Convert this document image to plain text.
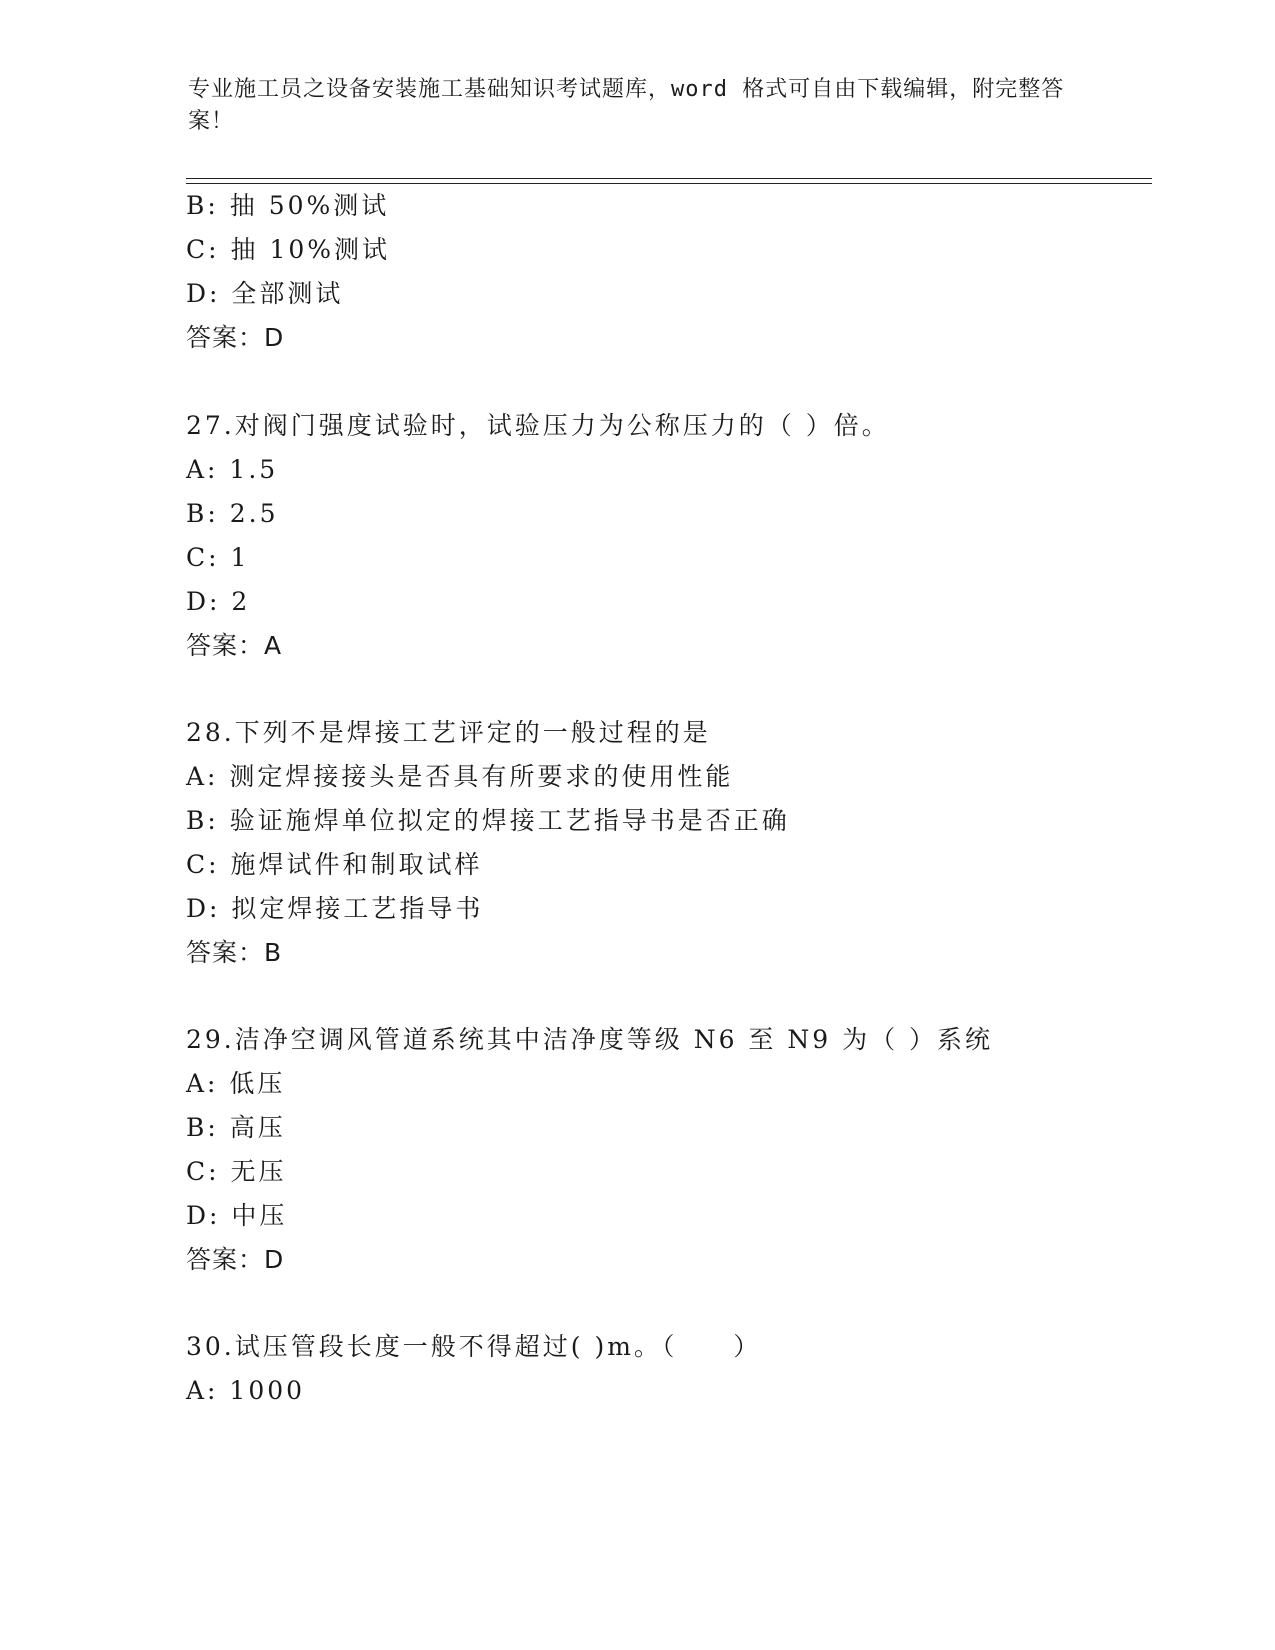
专业施工员之设备安装施工基础知识考试题库，word 格式可自由下载编辑，附完整答案！
B: 抽 50%测试
C: 抽 10%测试
D: 全部测试
答案：D
27.对阀门强度试验时，试验压力为公称压力的（ ）倍。
A: 1.5
B: 2.5
C: 1
D: 2
答案：A
28.下列不是焊接工艺评定的一般过程的是
A: 测定焊接接头是否具有所要求的使用性能
B: 验证施焊单位拟定的焊接工艺指导书是否正确
C: 施焊试件和制取试样
D: 拟定焊接工艺指导书
答案：B
29.洁净空调风管道系统其中洁净度等级 N6 至 N9 为（ ）系统
A: 低压
B: 高压
C: 无压
D: 中压
答案：D
30.试压管段长度一般不得超过( )m。（　　）
A: 1000
